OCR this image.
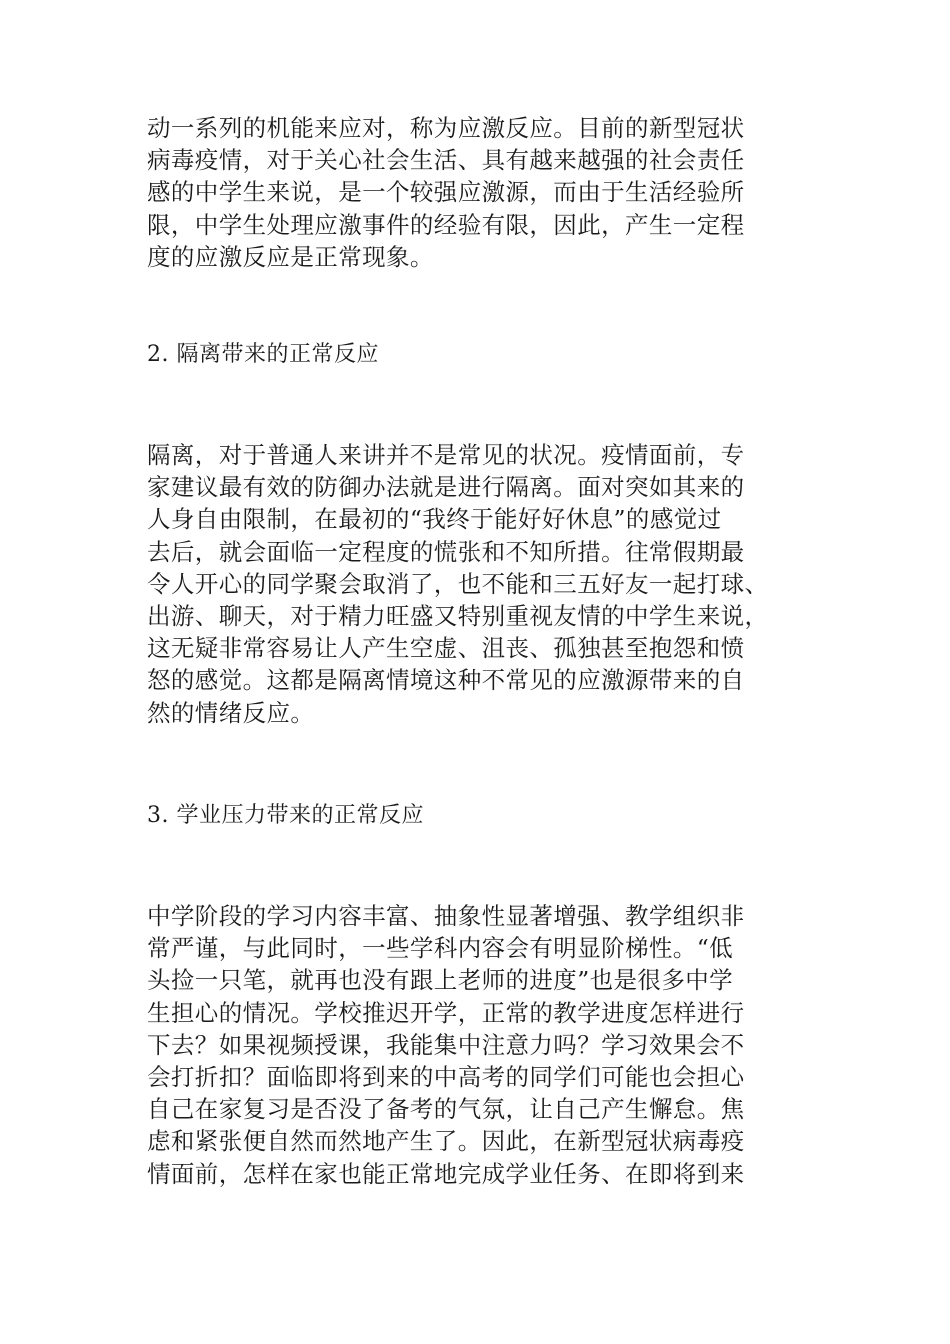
动一系列的机能来应对，称为应激反应。目前的新型冠状
病毒疫情，对于关心社会生活、具有越来越强的社会责任
感的中学生来说，是一个较强应激源，而由于生活经验所
限，中学生处理应激事件的经验有限，因此，产生一定程
度的应激反应是正常现象。
2. 隔离带来的正常反应
隔离，对于普通人来讲并不是常见的状况。疫情面前，专
家建议最有效的防御办法就是进行隔离。面对突如其来的
人身自由限制，在最初的“我终于能好好休息”的感觉过
去后，就会面临一定程度的慌张和不知所措。往常假期最
令人开心的同学聚会取消了，也不能和三五好友一起打球、
出游、聊天，对于精力旺盛又特别重视友情的中学生来说，
这无疑非常容易让人产生空虚、沮丧、孤独甚至抱怨和愤
怒的感觉。这都是隔离情境这种不常见的应激源带来的自
然的情绪反应。
3. 学业压力带来的正常反应
中学阶段的学习内容丰富、抽象性显著增强、教学组织非
常严谨，与此同时，一些学科内容会有明显阶梯性。“低
头捡一只笔，就再也没有跟上老师的进度”也是很多中学
生担心的情况。学校推迟开学，正常的教学进度怎样进行
下去？如果视频授课，我能集中注意力吗？学习效果会不
会打折扣？面临即将到来的中高考的同学们可能也会担心
自己在家复习是否没了备考的气氛，让自己产生懈怠。焦
虑和紧张便自然而然地产生了。因此，在新型冠状病毒疫
情面前，怎样在家也能正常地完成学业任务、在即将到来
